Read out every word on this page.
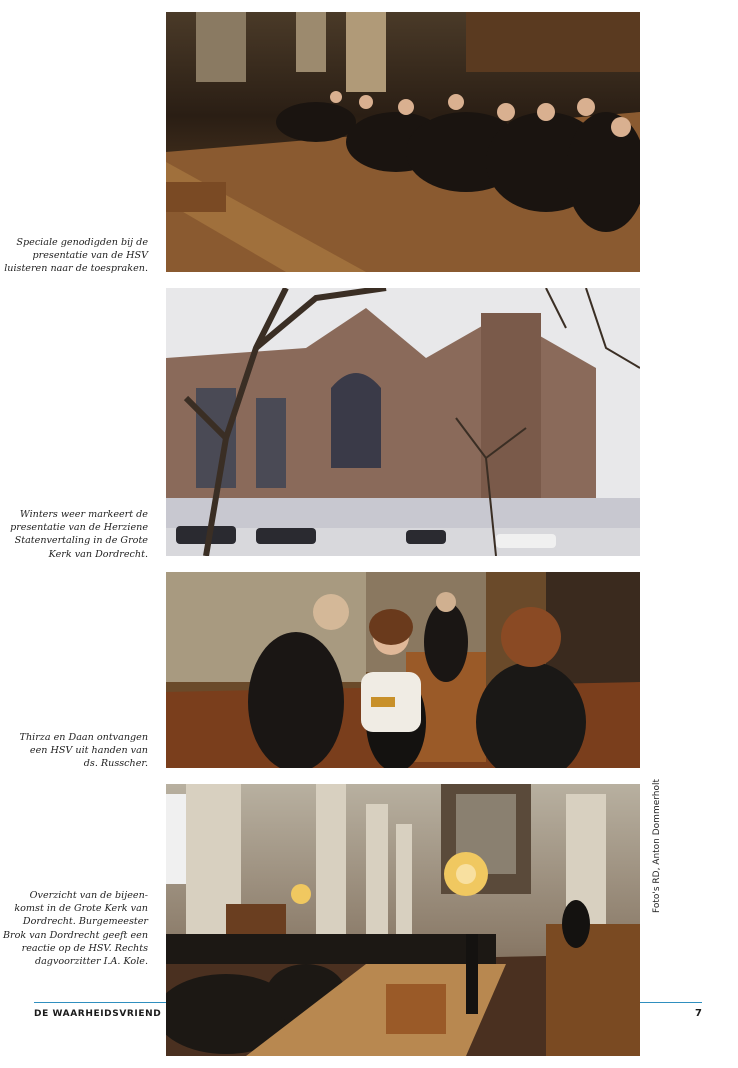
Speciale genodigden bij de
presentatie van de HSV
luisteren naar de toespraken.
Winters weer markeert de
presentatie van de Herziene
Statenvertaling in de Grote
Kerk van Dordrecht.
Thirza en Daan ontvangen
een HSV uit handen van
ds. Russcher.
Overzicht van de bijeen-
komst in de Grote Kerk van
Dordrecht. Burgemeester
Brok van Dordrecht geeft een
reactie op de HSV. Rechts
dagvoorzitter I.A. Kole.
Foto's RD, Anton Dommerholt
DE WAARHEIDSVRIEND	7
